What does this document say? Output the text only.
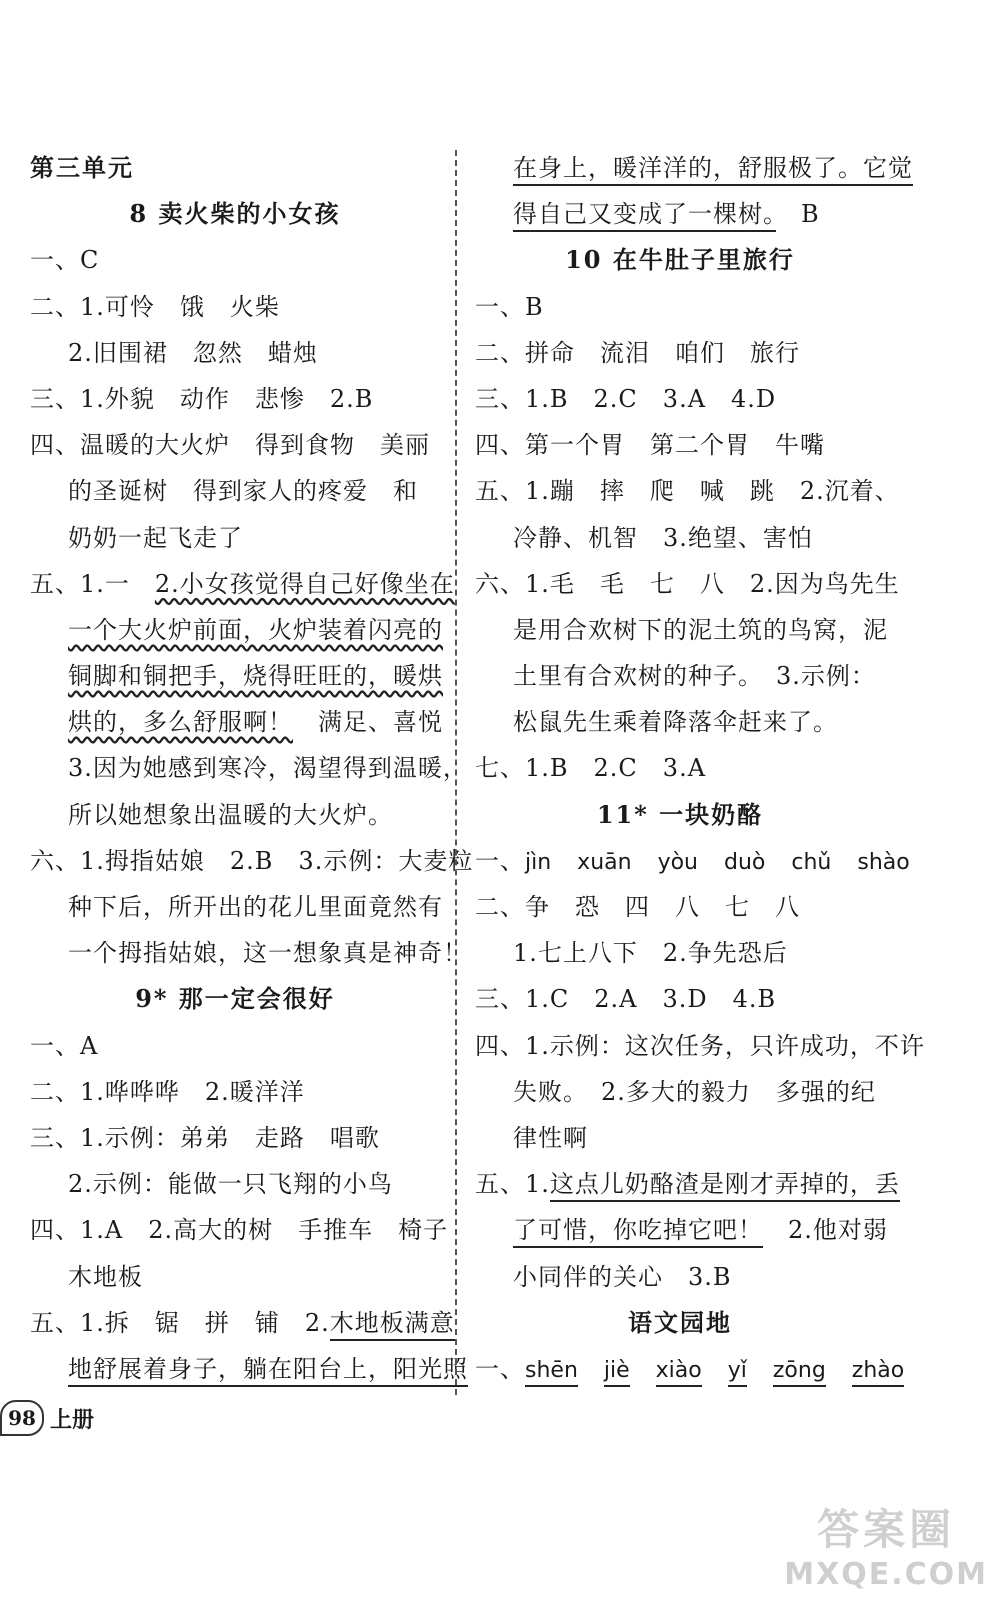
第三单元
8 卖火柴的小女孩
一、C
二、1.可怜　饿　火柴
2.旧围裙　忽然　蜡烛
三、1.外貌　动作　悲惨　2.B
四、温暖的大火炉　得到食物　美丽
的圣诞树　得到家人的疼爱　和
奶奶一起飞走了
五、1.一　2.小女孩觉得自己好像坐在
一个大火炉前面，火炉装着闪亮的
铜脚和铜把手，烧得旺旺的，暖烘
烘的，多么舒服啊！　满足、喜悦
3.因为她感到寒冷，渴望得到温暖，
所以她想象出温暖的大火炉。
六、1.拇指姑娘　2.B　3.示例：大麦粒
种下后，所开出的花儿里面竟然有
一个拇指姑娘，这一想象真是神奇！
9* 那一定会很好
一、A
二、1.哗哗哗　2.暖洋洋
三、1.示例：弟弟　走路　唱歌
2.示例：能做一只飞翔的小鸟
四、1.A　2.高大的树　手推车　椅子
木地板
五、1.拆　锯　拼　铺　2.木地板满意
地舒展着身子，躺在阳台上，阳光照
在身上，暖洋洋的，舒服极了。它觉
得自己又变成了一棵树。　B
10 在牛肚子里旅行
一、B
二、拼命　流泪　咱们　旅行
三、1.B　2.C　3.A　4.D
四、第一个胃　第二个胃　牛嘴
五、1.蹦　摔　爬　喊　跳　2.沉着、
冷静、机智　3.绝望、害怕
六、1.毛　毛　七　八　2.因为鸟先生
是用合欢树下的泥土筑的鸟窝，泥
土里有合欢树的种子。　3.示例：
松鼠先生乘着降落伞赶来了。
七、1.B　2.C　3.A
11* 一块奶酪
一、jìn xuān yòu duò chǔ shào
二、争　恐　四　八　七　八
1.七上八下　2.争先恐后
三、1.C　2.A　3.D　4.B
四、1.示例：这次任务，只许成功，不许
失败。　2.多大的毅力　多强的纪
律性啊
五、1.这点儿奶酪渣是刚才弄掉的，丢
了可惜，你吃掉它吧！　2.他对弱
小同伴的关心　3.B
语文园地
一、shēn jiè xiào yǐ zōng zhào
98 上册
答案圈
MXQE.COM
